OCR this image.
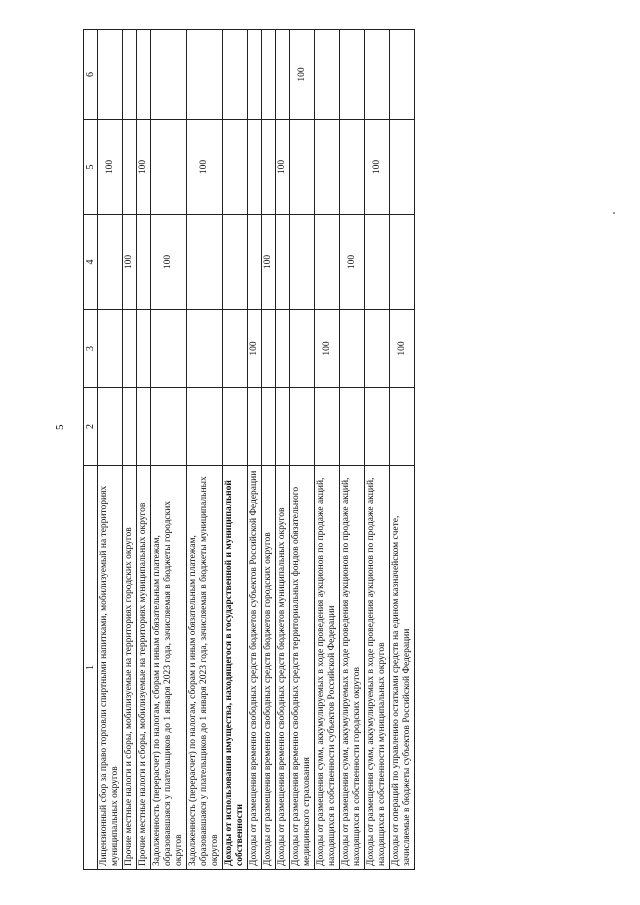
5
1	2	3	4	5	6
Лицензионный сбор за право торговли спиртными напитками, мобилизуемый на территориях муниципальных округов				100	
Прочие местные налоги и сборы, мобилизуемые на территориях городских округов			100		
Прочие местные налоги и сборы, мобилизуемые на территориях муниципальных округов				100	
Задолженность (перерасчет) по налогам, сборам и иным обязательным платежам, образовавшаяся у плательщиков до 1 января 2023 года, зачисляемая в бюджеты городских округов			100		
Задолженность (перерасчет) по налогам, сборам и иным обязательным платежам, образовавшаяся у плательщиков до 1 января 2023 года, зачисляемая в бюджеты муниципальных округов				100	
Доходы от использования имущества, находящегося в государственной и муниципальной собственности					
Доходы от размещения временно свободных средств бюджетов субъектов Российской Федерации		100			
Доходы от размещения временно свободных средств бюджетов городских округов			100		
Доходы от размещения временно свободных средств бюджетов муниципальных округов				100	
Доходы от размещения временно свободных средств территориальных фондов обязательного медицинского страхования					100
Доходы от размещения сумм, аккумулируемых в ходе проведения аукционов по продаже акций, находящихся в собственности субъектов Российской Федерации		100			
Доходы от размещения сумм, аккумулируемых в ходе проведения аукционов по продаже акций, находящихся в собственности городских округов			100		
Доходы от размещения сумм, аккумулируемых в ходе проведения аукционов по продаже акций, находящихся в собственности муниципальных округов				100	
Доходы от операций по управлению остатками средств на едином казначейском счете, зачисляемые в бюджеты субъектов Российской Федерации		100			
